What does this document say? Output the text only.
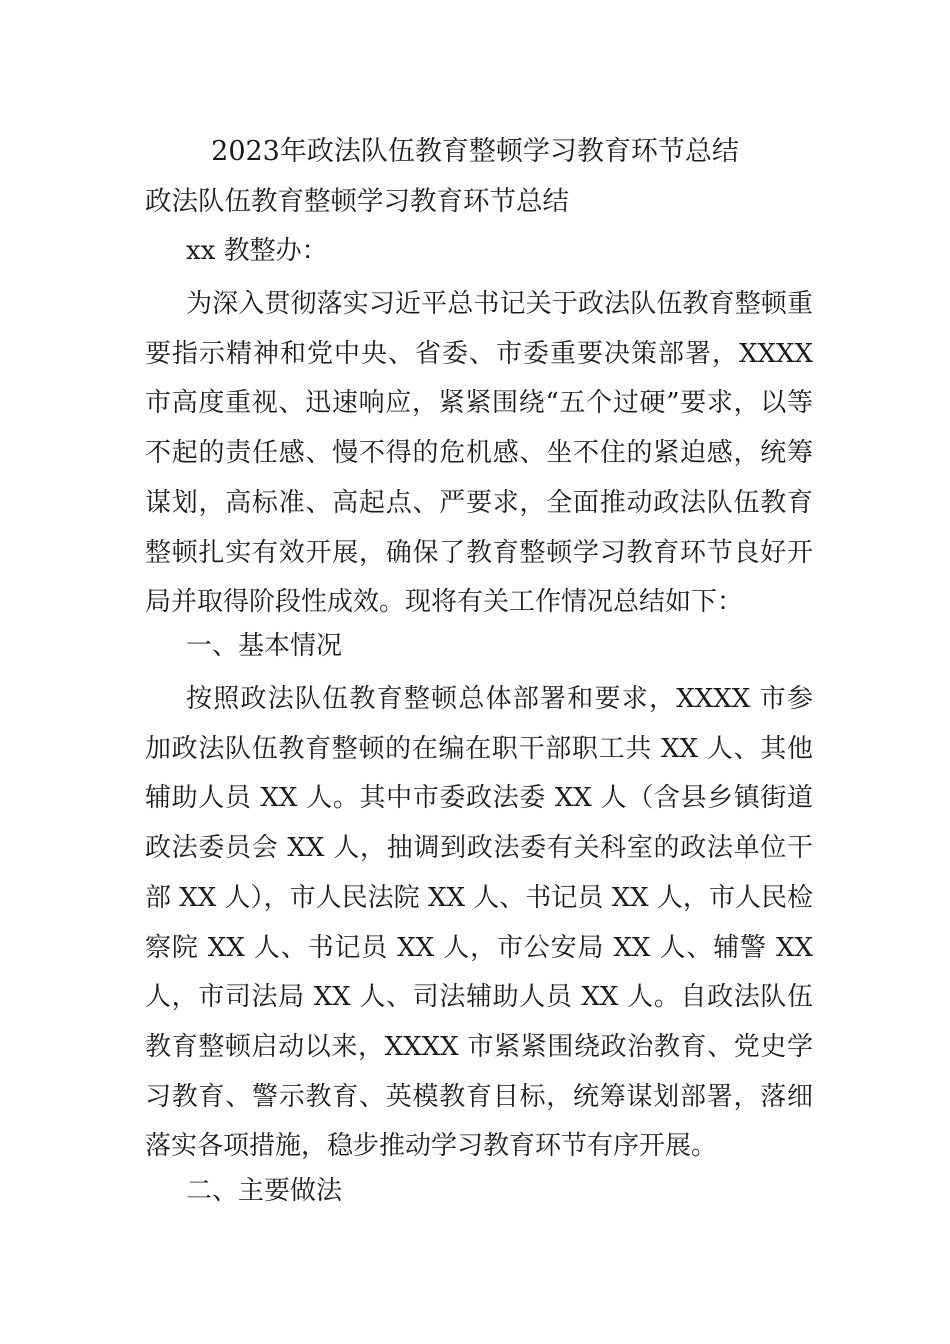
2023年政法队伍教育整顿学习教育环节总结
政法队伍教育整顿学习教育环节总结
xx 教整办：
为深入贯彻落实习近平总书记关于政法队伍教育整顿重要指示精神和党中央、省委、市委重要决策部署，XXXX 市高度重视、迅速响应，紧紧围绕“五个过硬”要求，以等不起的责任感、慢不得的危机感、坐不住的紧迫感，统筹谋划，高标准、高起点、严要求，全面推动政法队伍教育整顿扎实有效开展，确保了教育整顿学习教育环节良好开局并取得阶段性成效。现将有关工作情况总结如下：
一、基本情况
按照政法队伍教育整顿总体部署和要求，XXXX 市参加政法队伍教育整顿的在编在职干部职工共 XX 人、其他辅助人员 XX 人。其中市委政法委 XX 人（含县乡镇街道政法委员会 XX 人，抽调到政法委有关科室的政法单位干部 XX 人），市人民法院 XX 人、书记员 XX 人，市人民检察院 XX 人、书记员 XX 人，市公安局 XX 人、辅警 XX 人，市司法局 XX 人、司法辅助人员 XX 人。自政法队伍教育整顿启动以来，XXXX 市紧紧围绕政治教育、党史学习教育、警示教育、英模教育目标，统筹谋划部署，落细落实各项措施，稳步推动学习教育环节有序开展。
二、主要做法
